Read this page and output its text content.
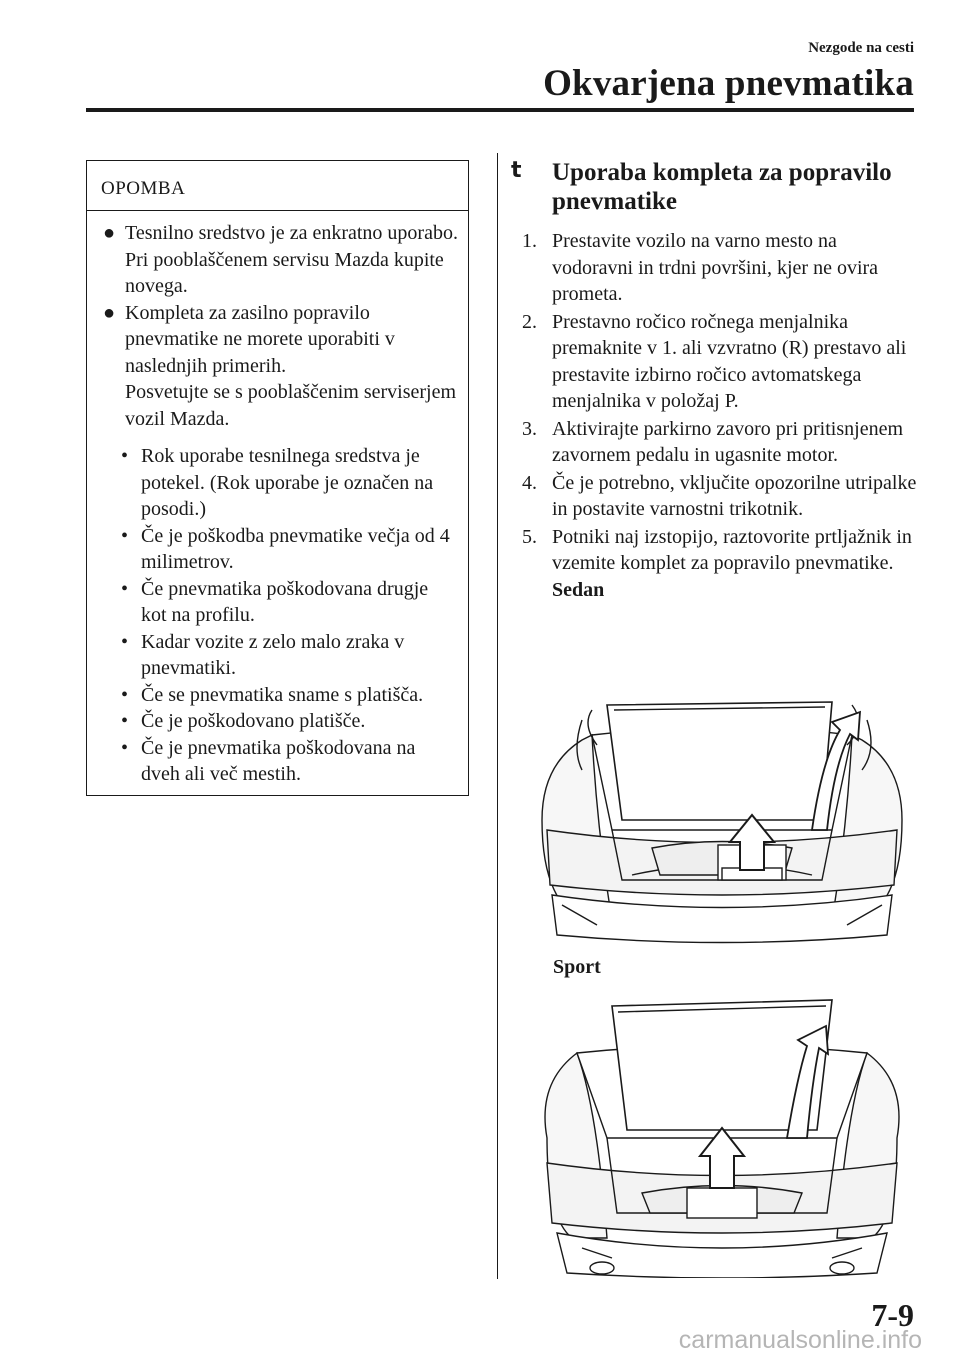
Nezgode na cesti
Okvarjena pnevmatika
OPOMBA
● Tesnilno sredstvo je za enkratno uporabo. Pri pooblaščenem servisu Mazda kupite novega.
● Kompleta za zasilno popravilo pnevmatike ne morete uporabiti v naslednjih primerih.
Posvetujte se s pooblaščenim serviserjem vozil Mazda.
• Rok uporabe tesnilnega sredstva je potekel. (Rok uporabe je označen na posodi.)
• Če je poškodba pnevmatike večja od 4 milimetrov.
• Če pnevmatika poškodovana drugje kot na profilu.
• Kadar vozite z zelo malo zraka v pnevmatiki.
• Če se pnevmatika sname s platišča.
• Če je poškodovano platišče.
• Če je pnevmatika poškodovana na dveh ali več mestih.
t Uporaba kompleta za popravilo pnevmatike
1. Prestavite vozilo na varno mesto na vodoravni in trdni površini, kjer ne ovira prometa.
2. Prestavno ročico ročnega menjalnika premaknite v 1. ali vzvratno (R) prestavo ali prestavite izbirno ročico avtomatskega menjalnika v položaj P.
3. Aktivirajte parkirno zavoro pri pritisnjenem zavornem pedalu in ugasnite motor.
4. Če je potrebno, vključite opozorilne utripalke in postavite varnostni trikotnik.
5. Potniki naj izstopijo, raztovorite prtljažnik in vzemite komplet za popravilo pnevmatike.
Sedan
Sport
7-9
carmanualsonline.info
